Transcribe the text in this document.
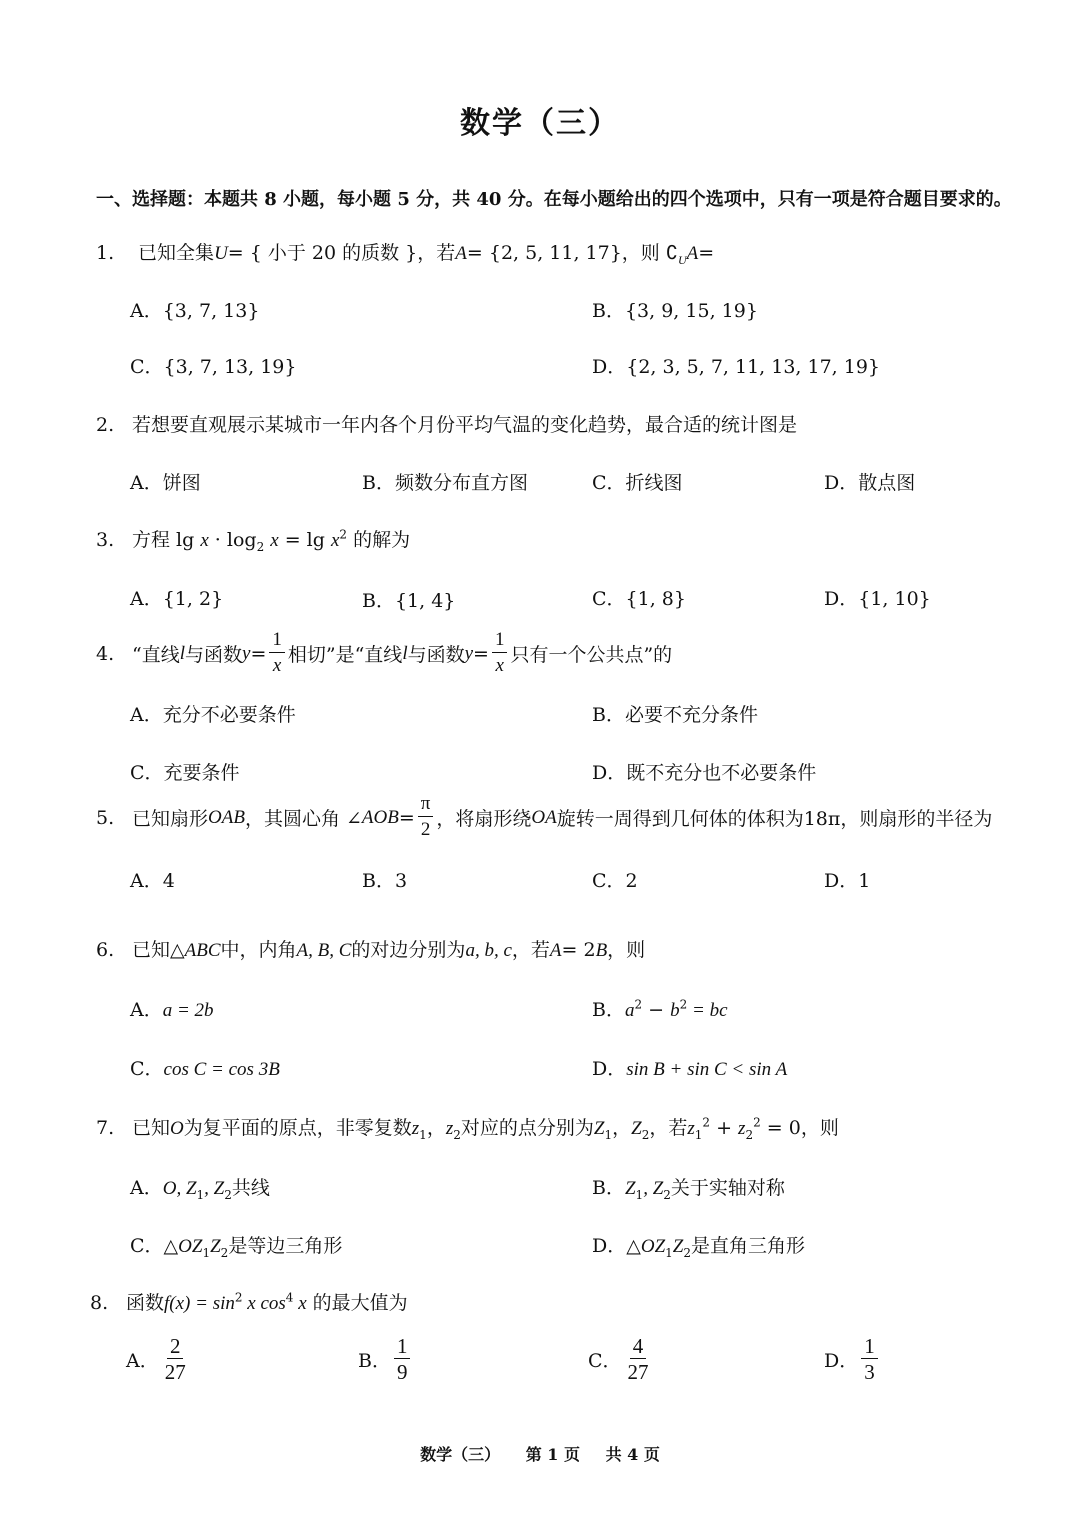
数学（三）
一、选择题：本题共 8 小题，每小题 5 分，共 40 分。在每小题给出的四个选项中，只有一项是符合题目要求的。
1. 已知全集U= { 小于 20 的质数 }，若A= {2, 5, 11, 17}，则 $∁_UA=$
A．{3, 7, 13}	B．{3, 9, 15, 19}
C．{3, 7, 13, 19}	D．{2, 3, 5, 7, 11, 13, 17, 19}
2. 若想要直观展示某城市一年内各个月份平均气温的变化趋势，最合适的统计图是
A．饼图	B．频数分布直方图	C．折线图	D．散点图
3. 方程 $\lg x \cdot \log_2 x = \lg x^2$ 的解为
A．{1, 2}	B．{1, 4}	C．{1, 8}	D．{1, 10}
4. “直线 l 与函数 $y = \frac{1}{x}$ 相切”是“直线 l 与函数 $y = \frac{1}{x}$ 只有一个公共点”的
A．充分不必要条件	B．必要不充分条件
C．充要条件	D．既不充分也不必要条件
5. 已知扇形 OAB ，其圆心角 ∠ AOB = $\frac{\pi}{2}$ ，将扇形绕 OA 旋转一周得到几何体的体积为18π，则扇形的半径为
A．4	B．3	C．2	D．1
6. 已知△ABC中，内角A, B, C的对边分别为a, b, c，若A= 2B，则
A．a = 2b	B．$a^2 - b^2$ = bc
C．cos C = cos 3B	D．sin B + sin C < sin A
7. 已知O为复平面的原点，非零复数$z_1$，$z_2$对应的点分别为$Z_1$，$Z_2$，若$z_1^2 + z_2^2 = 0$，则
A．O, $Z_1$, $Z_2$共线	B．$Z_1$, $Z_2$关于实轴对称
C．$\triangle OZ_1Z_2$是等边三角形	D．$\triangle OZ_1Z_2$是直角三角形
8. 函数$f(x) = \sin^2 x$ $\cos^4 x$ 的最大值为
A． $\frac{2}{27}$	B． $\frac{1}{9}$	C． $\frac{4}{27}$	D． $\frac{1}{3}$
数学（三） 第 1 页 共 4 页
